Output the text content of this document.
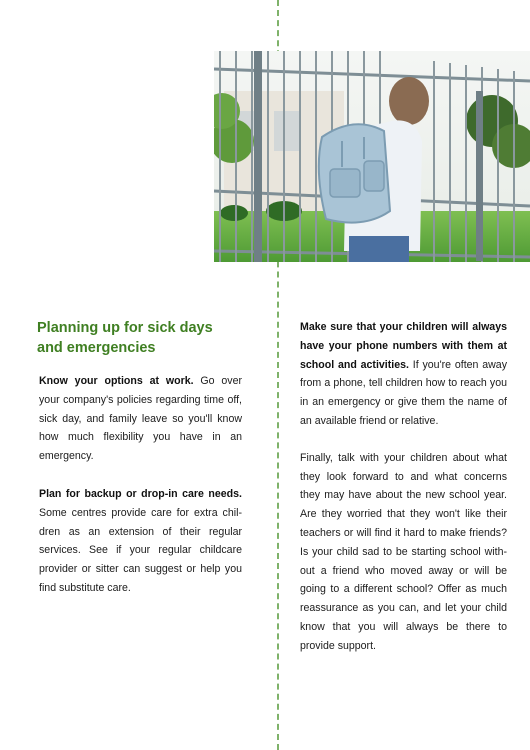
Planning up for sick days and emergencies

Know your options at work. Go over your company's policies regarding time off, sick day, and family leave so you'll know how much flexibility you have in an emergency.

Plan for backup or drop-in care needs. Some centres provide care for extra children as an extension of their regular services. See if your regular childcare provider or sitter can suggest or help you find substitute care.

Make sure that your children will always have your phone numbers with them at school and activities. If you're often away from a phone, tell children how to reach you in an emergency or give them the name of an available friend or relative.

Finally, talk with your children about what they look forward to and what concerns they may have about the new school year. Are they worried that they won't like their teachers or will find it hard to make friends? Is your child sad to be starting school without a friend who moved away or will be going to a different school? Offer as much reassurance as you can, and let your child know that you will always be there to provide support.
